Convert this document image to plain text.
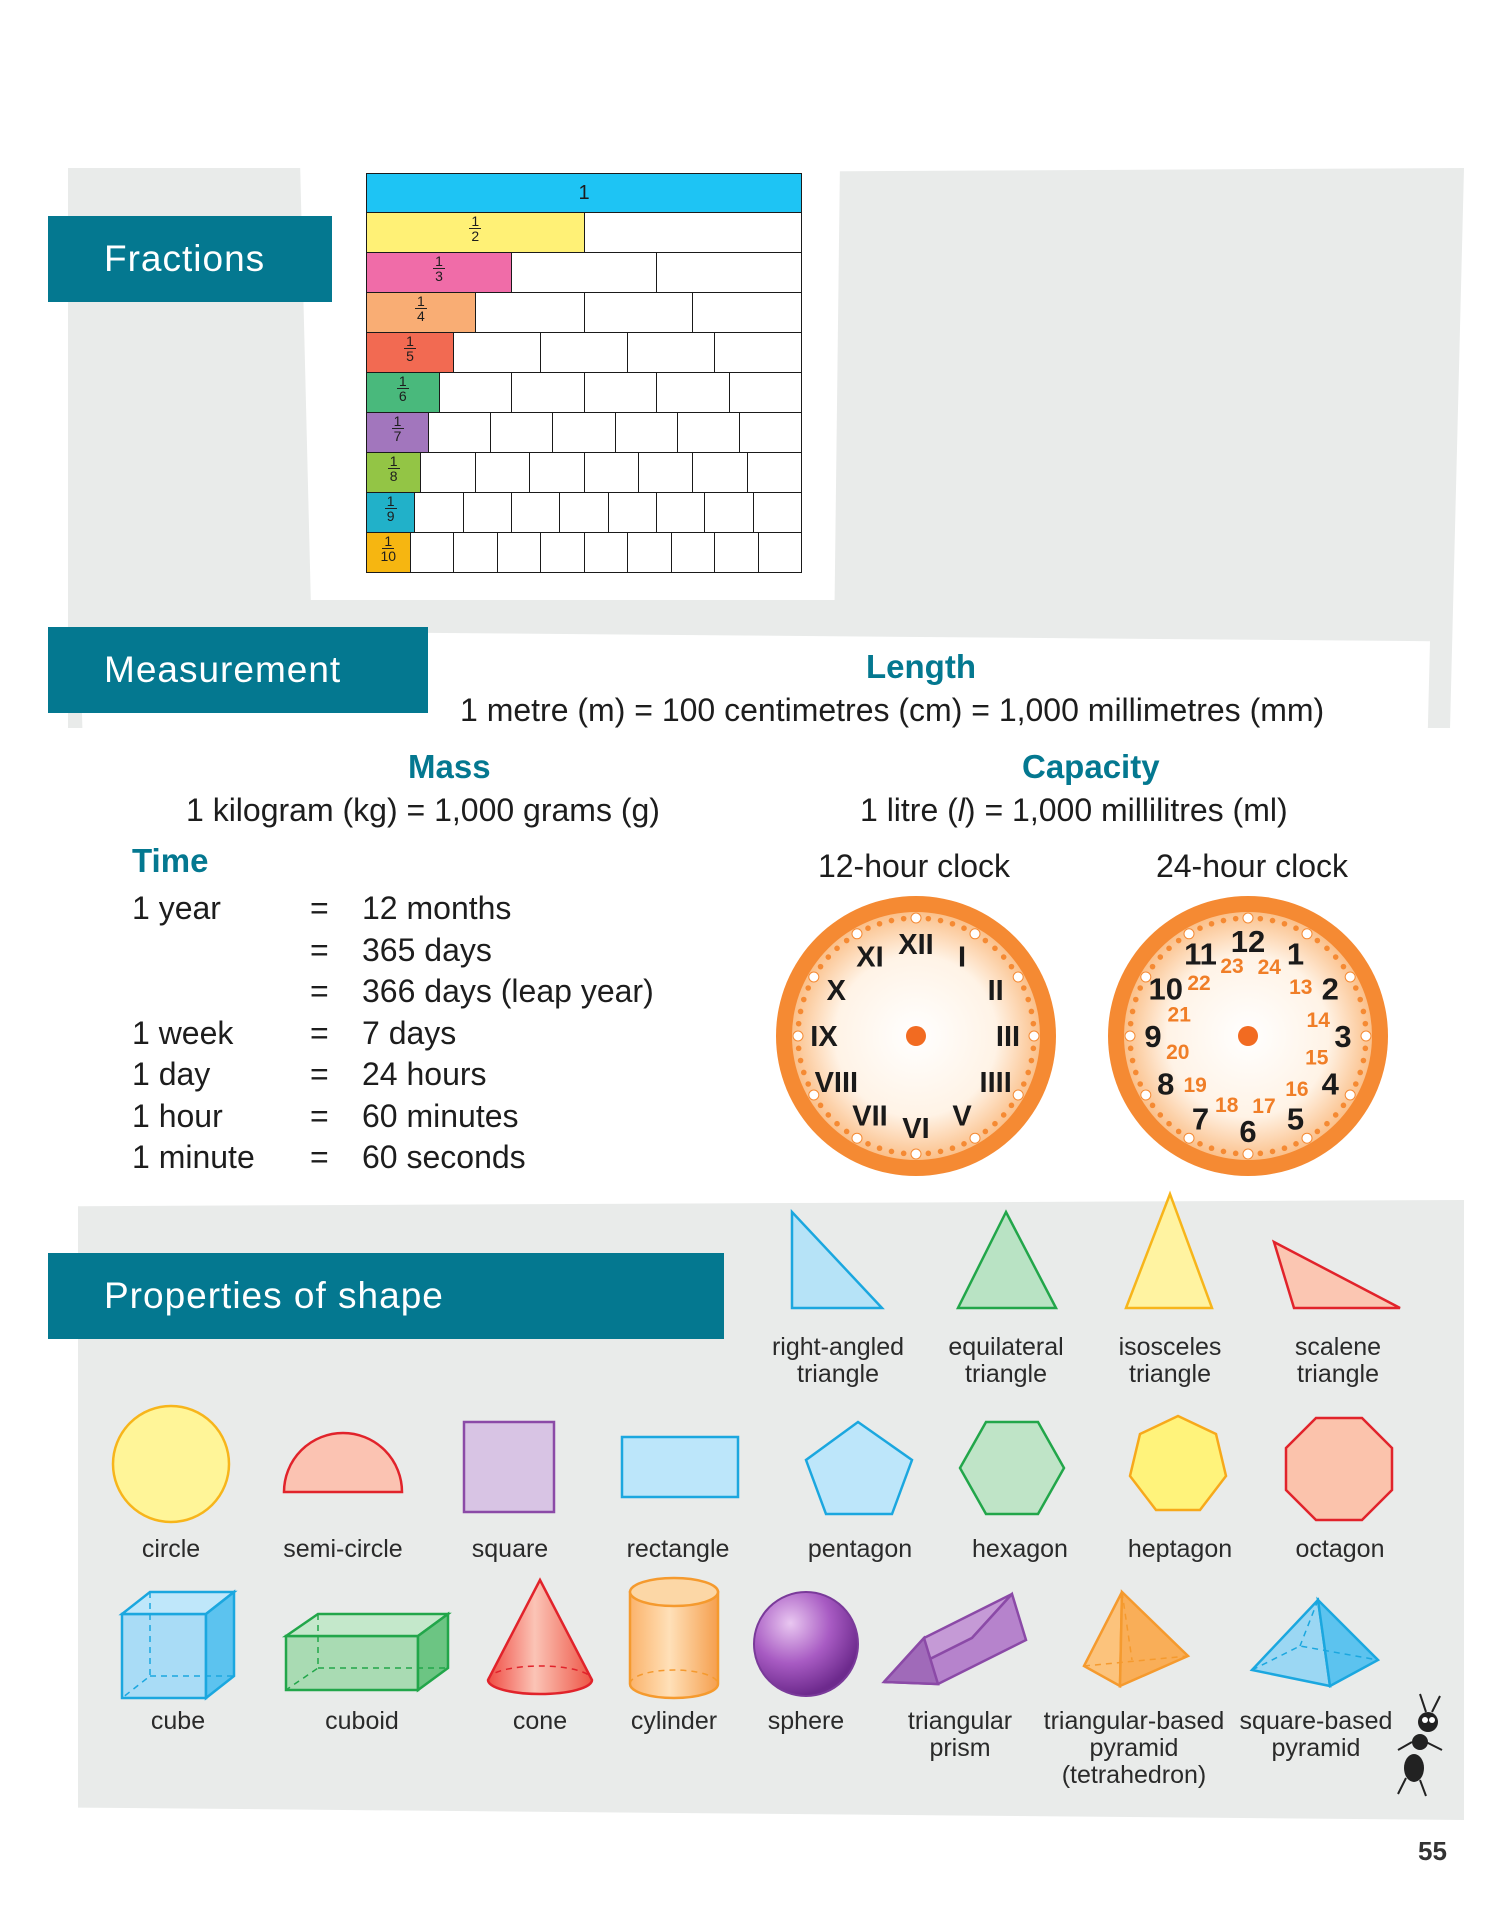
Fractions
Measurement
Properties of shape
1
$\frac{1}{2}$
$\frac{1}{3}$
$\frac{1}{4}$
$\frac{1}{5}$
$\frac{1}{6}$
$\frac{1}{7}$
$\frac{1}{8}$
$\frac{1}{9}$
$\frac{1}{10}$
Length
1 metre (m) = 100 centimetres (cm) = 1,000 millimetres (mm)
Mass
1 kilogram (kg) = 1,000 grams (g)
Capacity
1 litre (l) = 1,000 millilitres (ml)
Time
1 year	= 12 months
= 365 days
= 366 days (leap year)
1 week = 7 days
1 day	= 24 hours
1 hour	= 60 minutes
1 minute = 60 seconds
12-hour clock	24-hour clock
XII I
II
III
IIII
V
VI
VII
VIII
IX
X
XI	12 1
2
3
4
5
6
7
8
9
10
11 24
13
14
15
16
17
18
19
20
21
22
23
right-angled
triangle
equilateral
triangle
isosceles
triangle
scalene
triangle
circle	semi-circle	square	rectangle	pentagon	hexagon	heptagon	octagon
cube	cuboid	cone	cylinder	sphere	triangular
prism
triangular-based
pyramid
(tetrahedron)
square-based
pyramid
55
